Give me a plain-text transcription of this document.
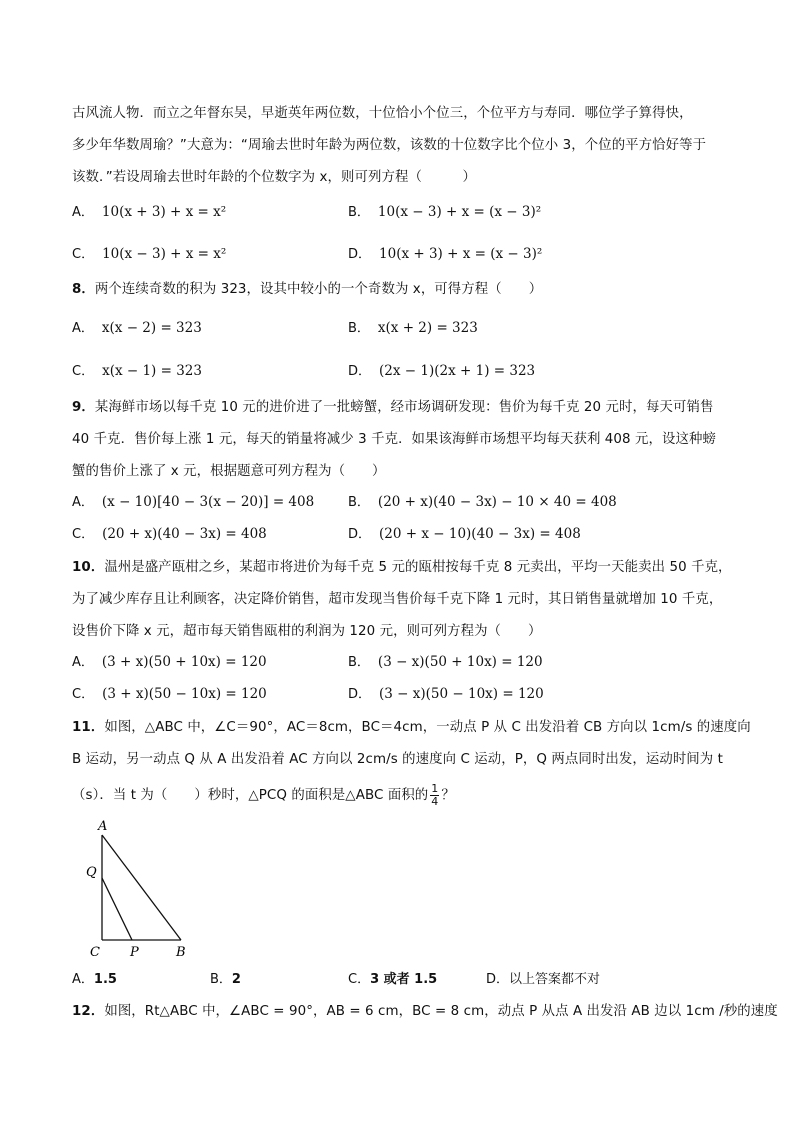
古风流人物．而立之年督东吴，早逝英年两位数，十位恰小个位三，个位平方与寿同．哪位学子算得快，
多少年华数周瑜？”大意为：“周瑜去世时年龄为两位数，该数的十位数字比个位小 3，个位的平方恰好等于
该数．”若设周瑜去世时年龄的个位数字为 x，则可列方程（　　　）
A． 10(x + 3) + x = x²	B． 10(x − 3) + x = (x − 3)²
C． 10(x − 3) + x = x²	D． 10(x + 3) + x = (x − 3)²
8．两个连续奇数的积为 323，设其中较小的一个奇数为 x，可得方程（　　）
A． x(x − 2) = 323	B． x(x + 2) = 323
C． x(x − 1) = 323	D． (2x − 1)(2x + 1) = 323
9．某海鲜市场以每千克 10 元的进价进了一批螃蟹，经市场调研发现：售价为每千克 20 元时，每天可销售
40 千克．售价每上涨 1 元，每天的销量将减少 3 千克．如果该海鲜市场想平均每天获利 408 元，设这种螃
蟹的售价上涨了 x 元，根据题意可列方程为（　　）
A． (x − 10)[40 − 3(x − 20)] = 408	B． (20 + x)(40 − 3x) − 10 × 40 = 408
C． (20 + x)(40 − 3x) = 408	D． (20 + x − 10)(40 − 3x) = 408
10．温州是盛产瓯柑之乡，某超市将进价为每千克 5 元的瓯柑按每千克 8 元卖出，平均一天能卖出 50 千克，
为了减少库存且让利顾客，决定降价销售，超市发现当售价每千克下降 1 元时，其日销售量就增加 10 千克，
设售价下降 x 元，超市每天销售瓯柑的利润为 120 元，则可列方程为（　　）
A． (3 + x)(50 + 10x) = 120	B． (3 − x)(50 + 10x) = 120
C． (3 + x)(50 − 10x) = 120	D． (3 − x)(50 − 10x) = 120
11．如图，△ABC 中，∠C＝90°，AC＝8cm，BC＝4cm，一动点 P 从 C 出发沿着 CB 方向以 1cm/s 的速度向
B 运动，另一动点 Q 从 A 出发沿着 AC 方向以 2cm/s 的速度向 C 运动，P，Q 两点同时出发，运动时间为 t
（s）．当 t 为（　　）秒时，△PCQ 的面积是△ABC 面积的 $\frac{1}{4}$ ？
A
Q
C P	B
A．1.5	B．2	C．3 或者 1.5	D．以上答案都不对
12．如图，Rt△ABC 中，∠ABC = 90°，AB = 6 cm，BC = 8 cm，动点 P 从点 A 出发沿 AB 边以 1cm /秒的速度
